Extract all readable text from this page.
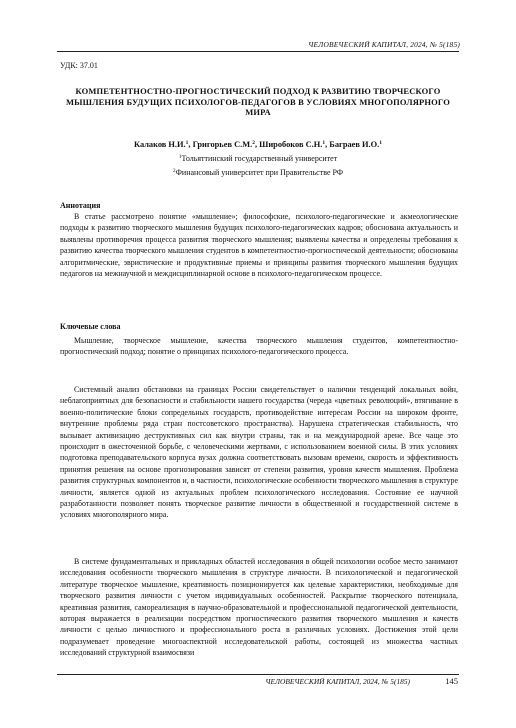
ЧЕЛОВЕЧЕСКИЙ КАПИТАЛ, 2024, № 5(185)
УДК: 37.01
КОМПЕТЕНТНОСТНО-ПРОГНОСТИЧЕСКИЙ ПОДХОД К РАЗВИТИЮ ТВОРЧЕСКОГО МЫШЛЕНИЯ БУДУЩИХ ПСИХОЛОГОВ-ПЕДАГОГОВ В УСЛОВИЯХ МНОГОПОЛЯРНОГО МИРА
Калаков Н.И.$^1$, Григорьев С.М.$^2$, Широбоков С.Н.$^1$, Баграев И.О.$^1$
$^1$Тольяттинский государственный университет
$^2$Финансовый университет при Правительстве РФ
Аннотация
В статье рассмотрено понятие «мышление»; философские, психолого-педагогические и акмеологические подходы к развитию творческого мышления будущих психолого-педагогических кадров; обоснована актуальность и выявлены противоречия процесса развития творческого мышления; выявлены качества и определены требования к развитию качества творческого мышления студентов в компетентностно-прогностической деятельности; обоснованы алгоритмические, эвристические и продуктивные приемы и принципы развития творческого мышления будущих педагогов на межнаучной и междисциплинарной основе в психолого-педагогическом процессе.
Ключевые слова
Мышление, творческое мышление, качества творческого мышления студентов, компетентностно-прогностический подход; понятие о принципах психолого-педагогического процесса.
Системный анализ обстановки на границах России свидетельствует о наличии тенденций локальных войн, неблагоприятных для безопасности и стабильности нашего государства (череда «цветных революций», втягивание в военно-политические блоки сопредельных государств, противодействие интересам России на широком фронте, внутренние проблемы ряда стран постсоветского пространства). Нарушена стратегическая стабильность, что вызывает активизацию деструктивных сил как внутри страны, так и на международной арене. Все чаще это происходит в ожесточенной борьбе, с человеческими жертвами, с использованием военной силы. В этих условиях подготовка преподавательского корпуса вузах должна соответствовать вызовам времени, скорость и эффективность принятия решения на основе прогнозирования зависят от степени развития, уровня качеств мышления. Проблема развития структурных компонентов и, в частности, психологические особенности творческого мышления в структуре личности, является одной из актуальных проблем психологического исследования. Состояние ее научной разработанности позволяет понять творческое развитие личности в общественной и государственной системе в условиях многополярного мира.
В системе фундаментальных и прикладных областей исследования в общей психологии особое место занимают исследования особенности творческого мышления в структуре личности. В психологической и педагогической литературе творческое мышление, креативность позиционируется как целевые характеристики, необходимые для творческого развития личности с учетом индивидуальных особенностей. Раскрытие творческого потенциала, креативная развития, самореализация в научно-образовательной и профессиональной педагогической деятельности, которая выражается в реализации посредством прогностического развития творческого мышления и качеств личности с целью личностного и профессионального роста в различных условиях. Достижения этой цели подразумевает проведение многоаспектной исследовательской работы, состоящей из множества частных исследований структурной взаимосвязи
ЧЕЛОВЕЧЕСКИЙ КАПИТАЛ, 2024, № 5(185)	145
